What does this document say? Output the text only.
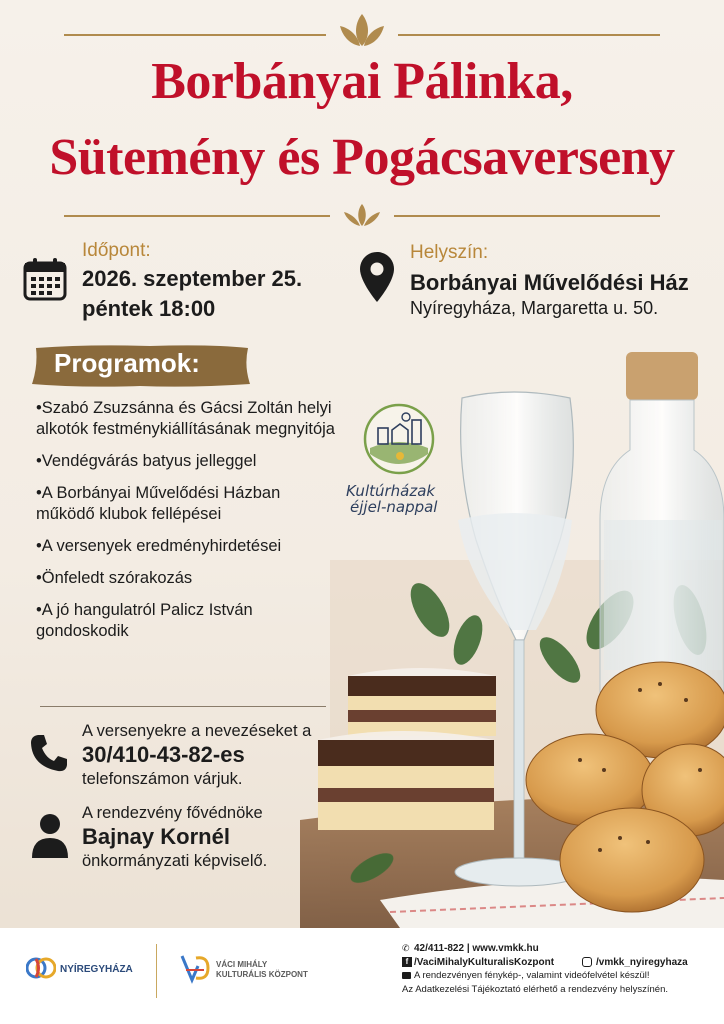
Borbányai Pálinka,
Sütemény és Pogácsaverseny
Időpont:
2026. szeptember 25.
péntek 18:00
Helyszín:
Borbányai Művelődési Ház
Nyíregyháza, Margaretta u. 50.
Programok:
•Szabó Zsuzsánna és Gácsi Zoltán helyi alkotók festménykiállításának megnyitója
•Vendégvárás batyus jelleggel
•A Borbányai Művelődési Házban működő klubok fellépései
•A versenyek eredményhirdetései
•Önfeledt szórakozás
•A jó hangulatról Palicz István gondoskodik
Kultúrházak
éjjel-nappal
A versenyekre a nevezéseket a
30/410-43-82-es
telefonszámon várjuk.
A rendezvény fővédnöke
Bajnay Kornél
önkormányzati képviselő.
NYÍREGYHÁZA	VÁCI MIHÁLY
KULTURÁLIS KÖZPONT
✆ 42/411-822 | www.vmkk.hu
f /VaciMihalyKulturalisKozpont	/vmkk_nyiregyhaza
A rendezvényen fénykép-, valamint videófelvétel készül!
Az Adatkezelési Tájékoztató elérhető a rendezvény helyszínén.
